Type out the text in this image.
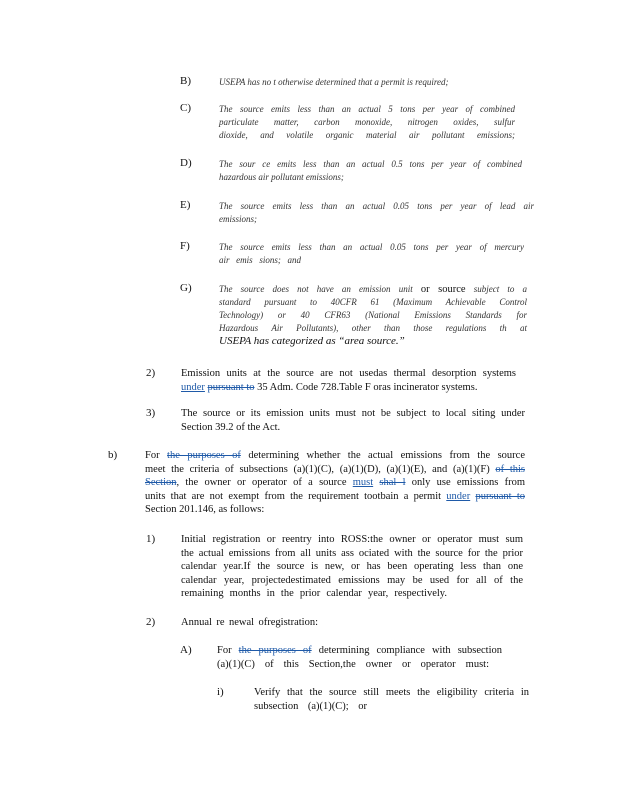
B)	USEPA has no t otherwise determined that a permit is required;
C)	The source emits less than an actual 5 tons per year of combined
particulate matter, carbon monoxide, nitrogen oxides, sulfur
dioxide, and volatile organic material air pollutant emissions;
D)	The sour ce emits less than an actual 0.5 tons per year of combined
hazardous air pollutant emissions;
E)	The source emits less than an actual 0.05 tons per year of lead air
emissions;
F)	The source emits less than an actual 0.05 tons per year of mercury
air emis sions; and
G)	The source does not have an emission unit or source subject to a
standard pursuant to 40CFR 61 (Maximum Achievable Control
Technology) or 40 CFR63 (National Emissions Standards for
Hazardous Air Pollutants), other than those regulations th at
USEPA has categorized as “area source.”
2) Emission units at the source are not usedas thermal desorption systems
under pursuant to 35 Adm. Code 728.Table F oras incinerator systems.
3) The source or its emission units must not be subject to local siting under
Section 39.2 of the Act.
b)	For the purposes of determining whether the actual emissions from the source
meet the criteria of subsections (a)(1)(C), (a)(1)(D), (a)(1)(E), and (a)(1)(F) of this
Section, the owner or operator of a source must shal l only use emissions from
units that are not exempt from the requirement tootbain a permit under pursuant to
Section 201.146, as follows:
1) Initial registration or reentry into ROSS:the owner or operator must sum
the actual emissions from all units ass ociated with the source for the prior
calendar year.If the source is new, or has been operating less than one
calendar year, projectedestimated emissions may be used for all of the
remaining months in the prior calendar year, respectively.
2) Annual re newal ofregistration:
A) For the purposes of determining compliance with subsection
(a)(1)(C) of this Section,the owner or operator must:
i)	Verify that the source still meets the eligibility criteria in
subsection (a)(1)(C); or
